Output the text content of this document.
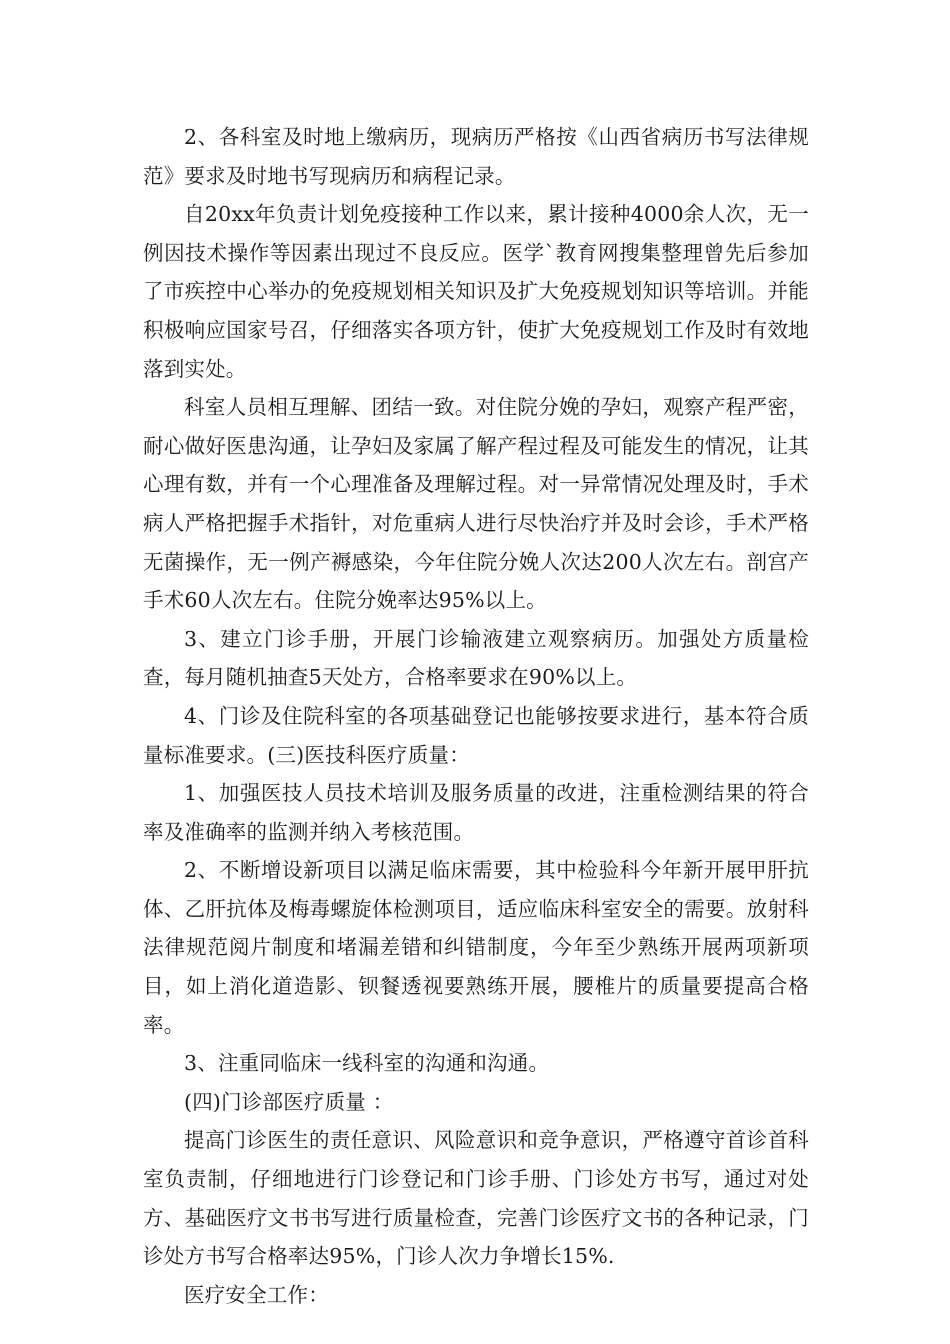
2、各科室及时地上缴病历，现病历严格按《山西省病历书写法律规范》要求及时地书写现病历和病程记录。

自20xx年负责计划免疫接种工作以来，累计接种4000余人次，无一例因技术操作等因素出现过不良反应。医学`教育网搜集整理曾先后参加了市疾控中心举办的免疫规划相关知识及扩大免疫规划知识等培训。并能积极响应国家号召，仔细落实各项方针，使扩大免疫规划工作及时有效地落到实处。

科室人员相互理解、团结一致。对住院分娩的孕妇，观察产程严密，耐心做好医患沟通，让孕妇及家属了解产程过程及可能发生的情况，让其心理有数，并有一个心理准备及理解过程。对一异常情况处理及时，手术病人严格把握手术指针，对危重病人进行尽快治疗并及时会诊，手术严格无菌操作，无一例产褥感染，今年住院分娩人次达200人次左右。剖宫产手术60人次左右。住院分娩率达95%以上。

3、建立门诊手册，开展门诊输液建立观察病历。加强处方质量检查，每月随机抽查5天处方，合格率要求在90%以上。

4、门诊及住院科室的各项基础登记也能够按要求进行，基本符合质量标准要求。(三)医技科医疗质量：

1、加强医技人员技术培训及服务质量的改进，注重检测结果的符合率及准确率的监测并纳入考核范围。

2、不断增设新项目以满足临床需要，其中检验科今年新开展甲肝抗体、乙肝抗体及梅毒螺旋体检测项目，适应临床科室安全的需要。放射科法律规范阅片制度和堵漏差错和纠错制度，今年至少熟练开展两项新项目，如上消化道造影、钡餐透视要熟练开展，腰椎片的质量要提高合格率。

3、注重同临床一线科室的沟通和沟通。

(四)门诊部医疗质量 ：

提高门诊医生的责任意识、风险意识和竞争意识，严格遵守首诊首科室负责制，仔细地进行门诊登记和门诊手册、门诊处方书写，通过对处方、基础医疗文书书写进行质量检查，完善门诊医疗文书的各种记录，门诊处方书写合格率达95%，门诊人次力争增长15%.

医疗安全工作：
